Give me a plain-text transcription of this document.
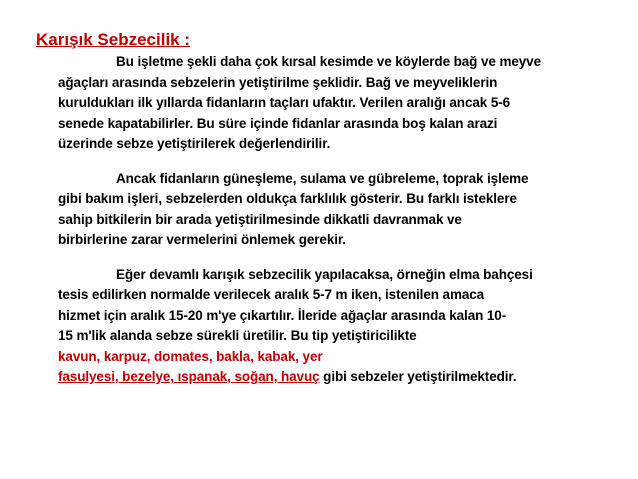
Karışık Sebzecilik :

Bu işletme şekli daha çok kırsal kesimde ve köylerde bağ ve meyve
ağaçları arasında sebzelerin yetiştirilme şeklidir. Bağ ve meyveliklerin
kuruldukları ilk yıllarda fidanların taçları ufaktır. Verilen aralığı ancak 5-6
senede kapatabilirler. Bu süre içinde fidanlar arasında boş kalan arazi
üzerinde sebze yetiştirilerek değerlendirilir.

Ancak fidanların güneşleme, sulama ve gübreleme, toprak işleme
gibi bakım işleri, sebzelerden oldukça farklılık gösterir. Bu farklı isteklere
sahip bitkilerin bir arada yetiştirilmesinde dikkatli davranmak ve
birbirlerine zarar vermelerini önlemek gerekir.

Eğer devamlı karışık sebzecilik yapılacaksa, örneğin elma bahçesi
tesis edilirken normalde verilecek aralık 5-7 m iken, istenilen amaca
hizmet için aralık 15-20 m'ye çıkartılır. İleride ağaçlar arasında kalan 10-
15 m'lik alanda sebze sürekli üretilir. Bu tip yetiştiricilikte
kavun, karpuz, domates, bakla, kabak, yer
fasulyesi, bezelye, ıspanak, soğan, havuç gibi sebzeler yetiştirilmektedir.
